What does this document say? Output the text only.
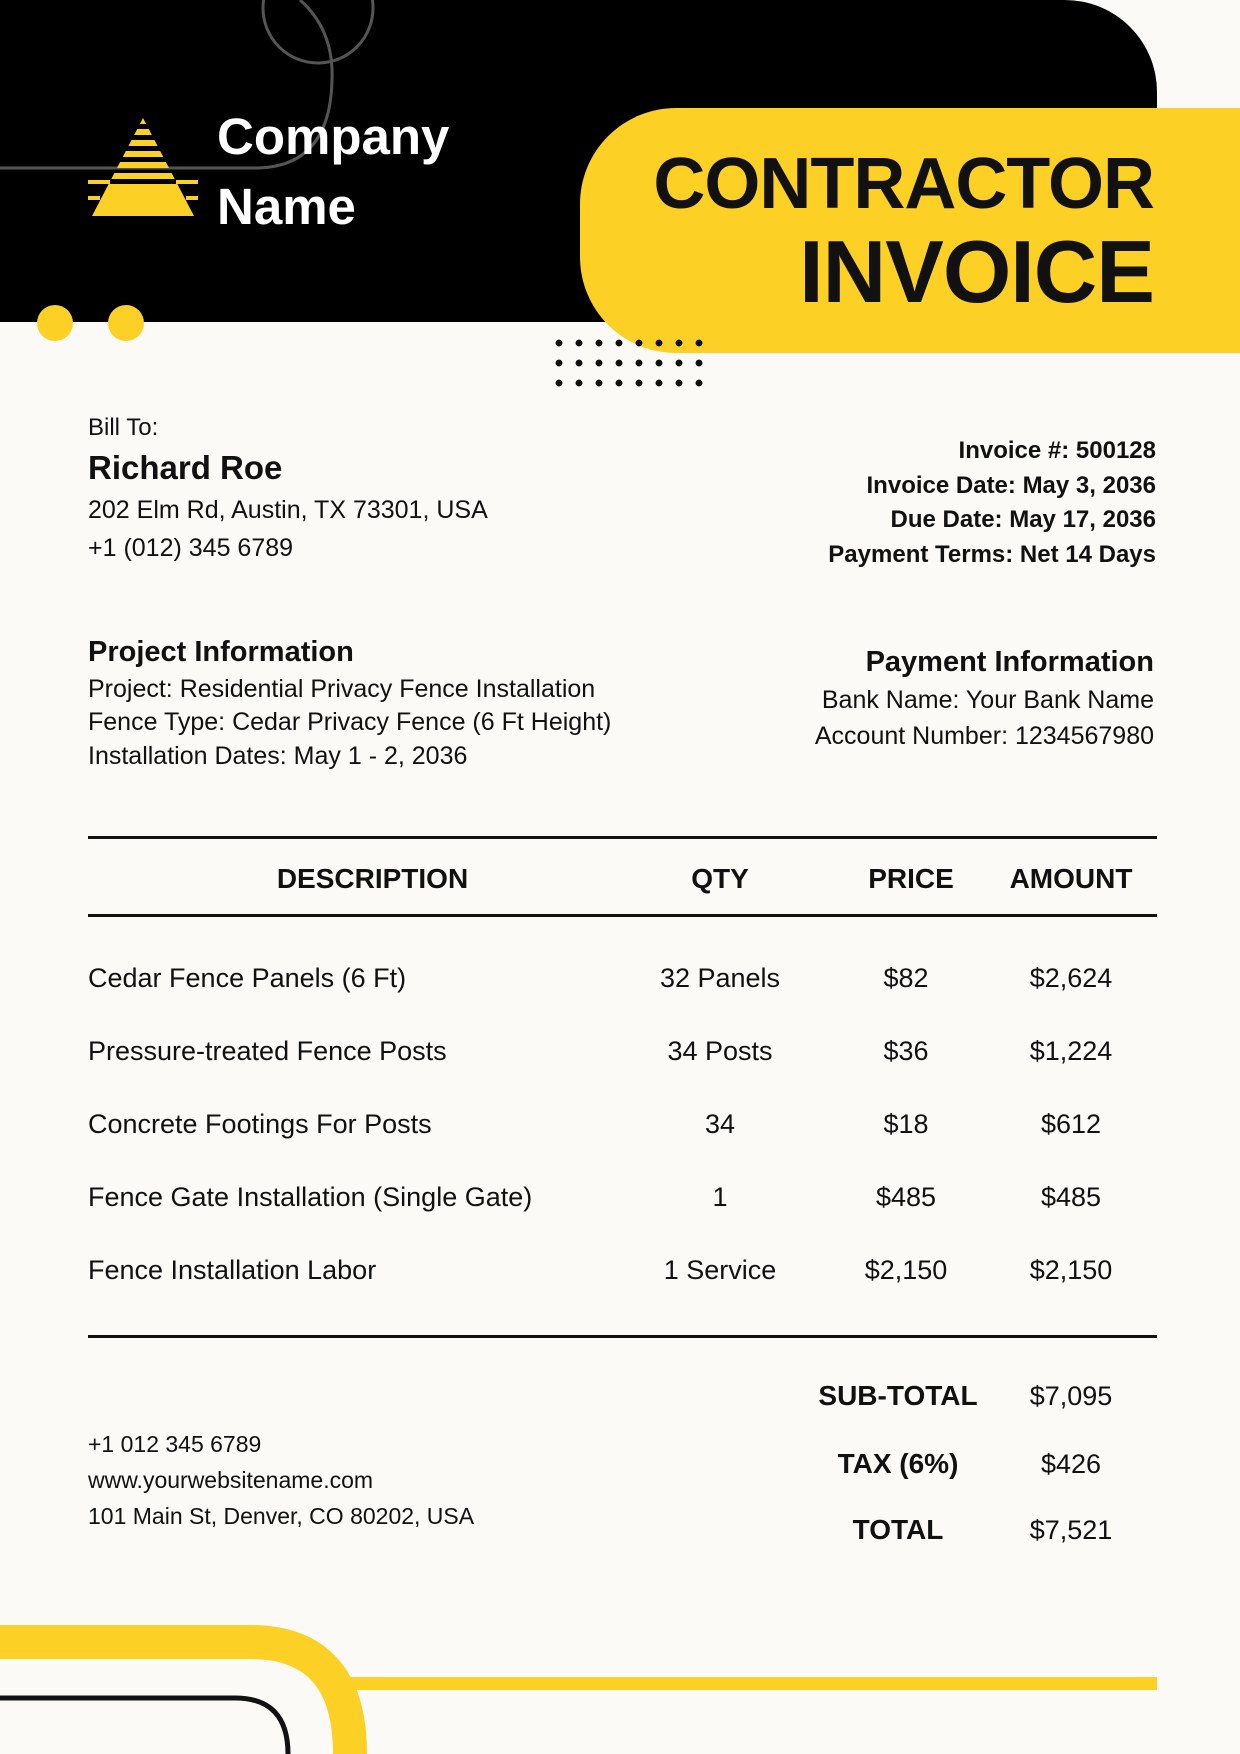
Company
Name	CONTRACTOR
INVOICE
Bill To:
Richard Roe
202 Elm Rd, Austin, TX 73301, USA
+1 (012) 345 6789
Invoice #: 500128
Invoice Date: May 3, 2036
Due Date: May 17, 2036
Payment Terms: Net 14 Days
Project Information
Project: Residential Privacy Fence Installation
Fence Type: Cedar Privacy Fence (6 Ft Height)
Installation Dates: May 1 - 2, 2036
Payment Information
Bank Name: Your Bank Name
Account Number: 1234567980
DESCRIPTION	QTY	PRICE	AMOUNT
Cedar Fence Panels (6 Ft)	32 Panels	$82	$2,624
Pressure-treated Fence Posts	34 Posts	$36	$1,224
Concrete Footings For Posts	34	$18	$612
Fence Gate Installation (Single Gate)	1	$485	$485
Fence Installation Labor	1 Service	$2,150	$2,150
SUB-TOTAL	$7,095
TAX (6%)	$426
TOTAL	$7,521
+1 012 345 6789
www.yourwebsitename.com
101 Main St, Denver, CO 80202, USA
